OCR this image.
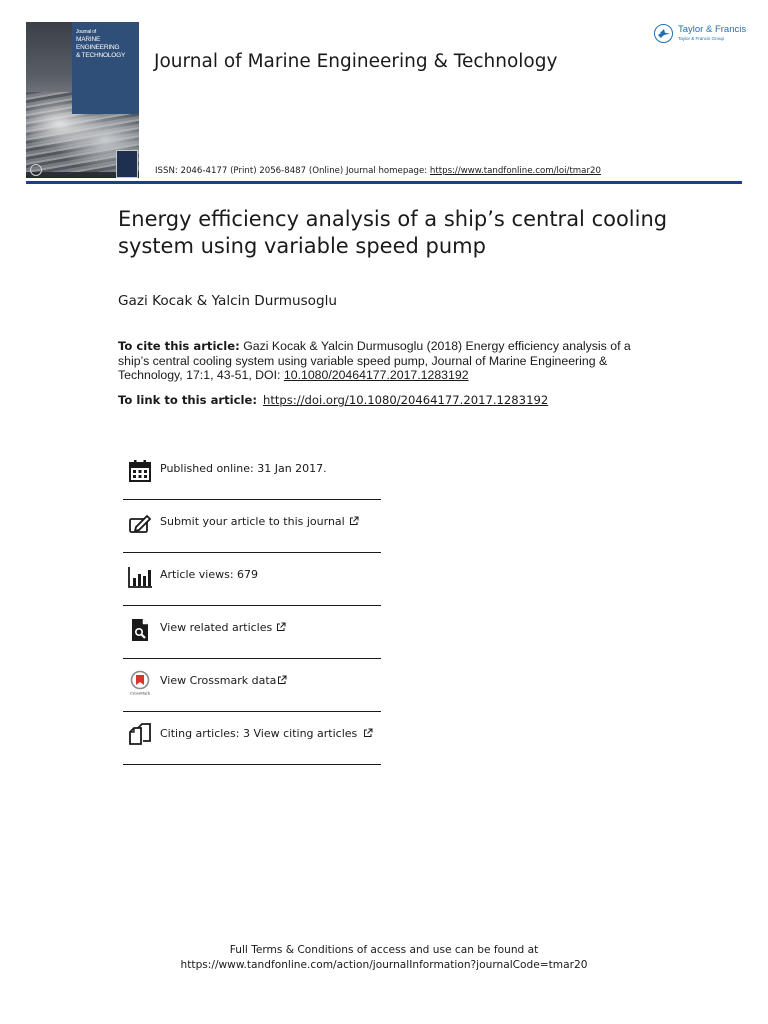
Journal of
MARINE ENGINEERING
& TECHNOLOGY	Journal of Marine Engineering & Technology
ISSN: 2046-4177 (Print) 2056-8487 (Online) Journal homepage: https://www.tandfonline.com/loi/tmar20
Taylor & Francis
Taylor & Francis Group
Energy efficiency analysis of a ship’s central cooling system using variable speed pump
Gazi Kocak & Yalcin Durmusoglu
To cite this article: Gazi Kocak & Yalcin Durmusoglu (2018) Energy efficiency analysis of a ship’s central cooling system using variable speed pump, Journal of Marine Engineering & Technology, 17:1, 43-51, DOI: 10.1080/20464177.2017.1283192
To link to this article: https://doi.org/10.1080/20464177.2017.1283192
Published online: 31 Jan 2017.
Submit your article to this journal
Article views: 679
View related articles
CrossMark
View Crossmark data
Citing articles: 3 View citing articles
Full Terms & Conditions of access and use can be found at
https://www.tandfonline.com/action/journalInformation?journalCode=tmar20
